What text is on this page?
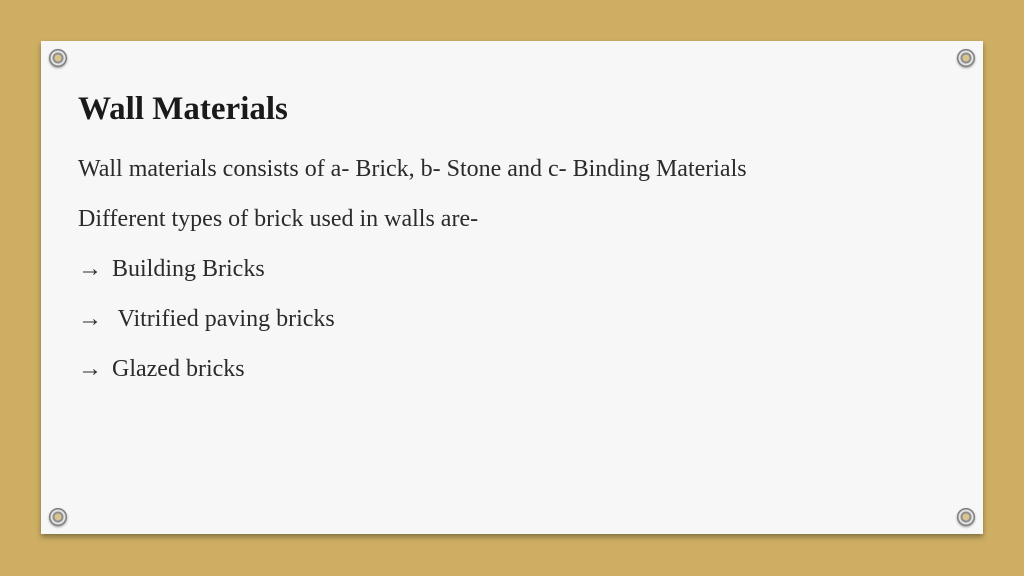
Wall Materials

Wall materials consists of a- Brick, b- Stone and c- Binding Materials

Different types of brick used in walls are-

→ Building Bricks

→ Vitrified paving bricks

→ Glazed bricks
